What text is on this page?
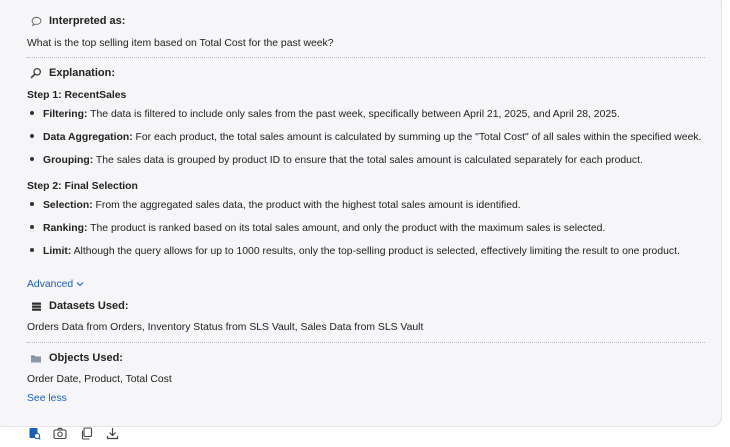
Interpreted as:
What is the top selling item based on Total Cost for the past week?
Explanation:
Step 1: RecentSales
Filtering: The data is filtered to include only sales from the past week, specifically between April 21, 2025, and April 28, 2025.
Data Aggregation: For each product, the total sales amount is calculated by summing up the "Total Cost" of all sales within the specified week.
Grouping: The sales data is grouped by product ID to ensure that the total sales amount is calculated separately for each product.
Step 2: Final Selection
Selection: From the aggregated sales data, the product with the highest total sales amount is identified.
Ranking: The product is ranked based on its total sales amount, and only the product with the maximum sales is selected.
Limit: Although the query allows for up to 1000 results, only the top-selling product is selected, effectively limiting the result to one product.
Advanced
Datasets Used:
Orders Data from Orders, Inventory Status from SLS Vault, Sales Data from SLS Vault
Objects Used:
Order Date, Product, Total Cost
See less
